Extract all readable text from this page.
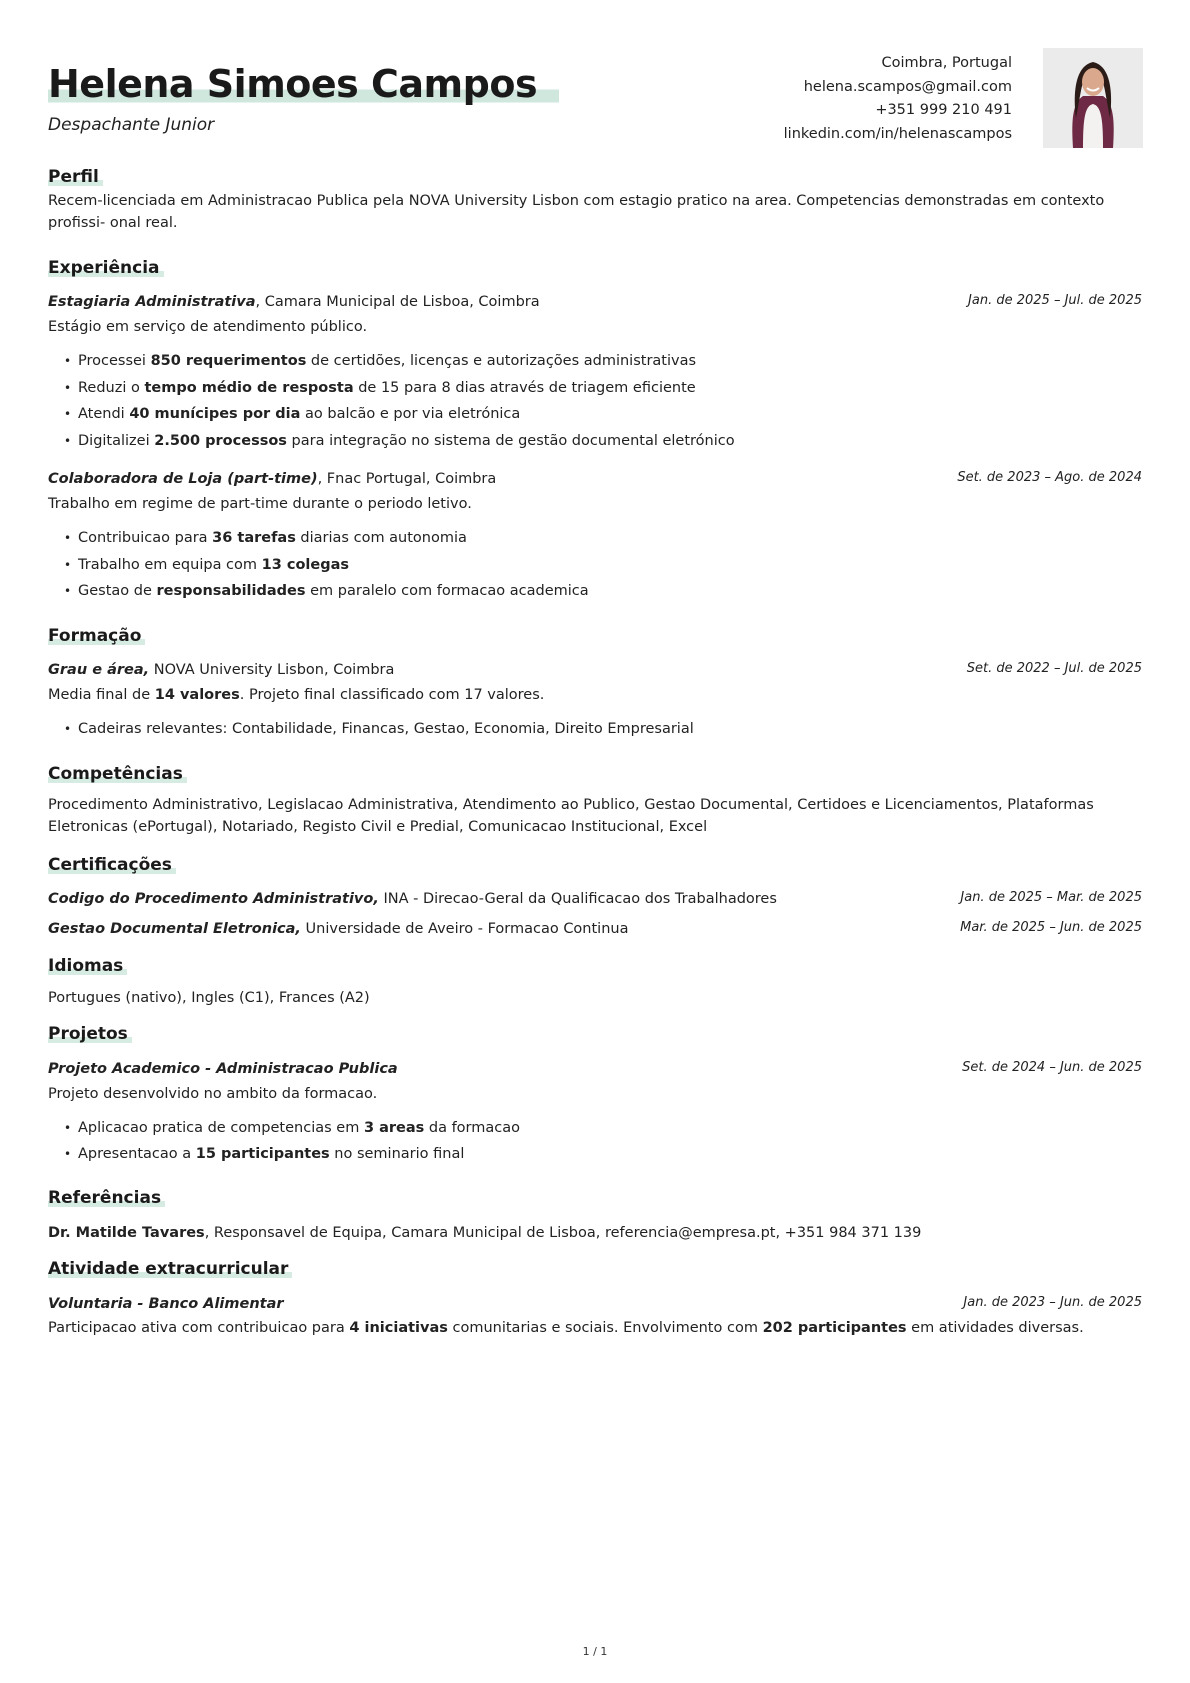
Helena Simoes Campos
Despachante Junior
Coimbra, Portugal
helena.scampos@gmail.com
+351 999 210 491
linkedin.com/in/helenascampos
Perfil
Recem-licenciada em Administracao Publica pela NOVA University Lisbon com estagio pratico na area. Competencias demonstradas em contexto profissi- onal real.
Experiência
Estagiaria Administrativa, Camara Municipal de Lisboa, Coimbra	Jan. de 2025 – Jul. de 2025
Estágio em serviço de atendimento público.
• Processei 850 requerimentos de certidões, licenças e autorizações administrativas
• Reduzi o tempo médio de resposta de 15 para 8 dias através de triagem eficiente
• Atendi 40 munícipes por dia ao balcão e por via eletrónica
• Digitalizei 2.500 processos para integração no sistema de gestão documental eletrónico
Colaboradora de Loja (part-time), Fnac Portugal, Coimbra	Set. de 2023 – Ago. de 2024
Trabalho em regime de part-time durante o periodo letivo.
• Contribuicao para 36 tarefas diarias com autonomia
• Trabalho em equipa com 13 colegas
• Gestao de responsabilidades em paralelo com formacao academica
Formação
Grau e área, NOVA University Lisbon, Coimbra	Set. de 2022 – Jul. de 2025
Media final de 14 valores. Projeto final classificado com 17 valores.
• Cadeiras relevantes: Contabilidade, Financas, Gestao, Economia, Direito Empresarial
Competências
Procedimento Administrativo, Legislacao Administrativa, Atendimento ao Publico, Gestao Documental, Certidoes e Licenciamentos, Plataformas Eletronicas (ePortugal), Notariado, Registo Civil e Predial, Comunicacao Institucional, Excel
Certificações
Codigo do Procedimento Administrativo, INA - Direcao-Geral da Qualificacao dos Trabalhadores	Jan. de 2025 – Mar. de 2025
Gestao Documental Eletronica, Universidade de Aveiro - Formacao Continua	Mar. de 2025 – Jun. de 2025
Idiomas
Portugues (nativo), Ingles (C1), Frances (A2)
Projetos
Projeto Academico - Administracao Publica	Set. de 2024 – Jun. de 2025
Projeto desenvolvido no ambito da formacao.
• Aplicacao pratica de competencias em 3 areas da formacao
• Apresentacao a 15 participantes no seminario final
Referências
Dr. Matilde Tavares, Responsavel de Equipa, Camara Municipal de Lisboa, referencia@empresa.pt, +351 984 371 139
Atividade extracurricular
Voluntaria - Banco Alimentar	Jan. de 2023 – Jun. de 2025
Participacao ativa com contribuicao para 4 iniciativas comunitarias e sociais. Envolvimento com 202 participantes em atividades diversas.
1 / 1
